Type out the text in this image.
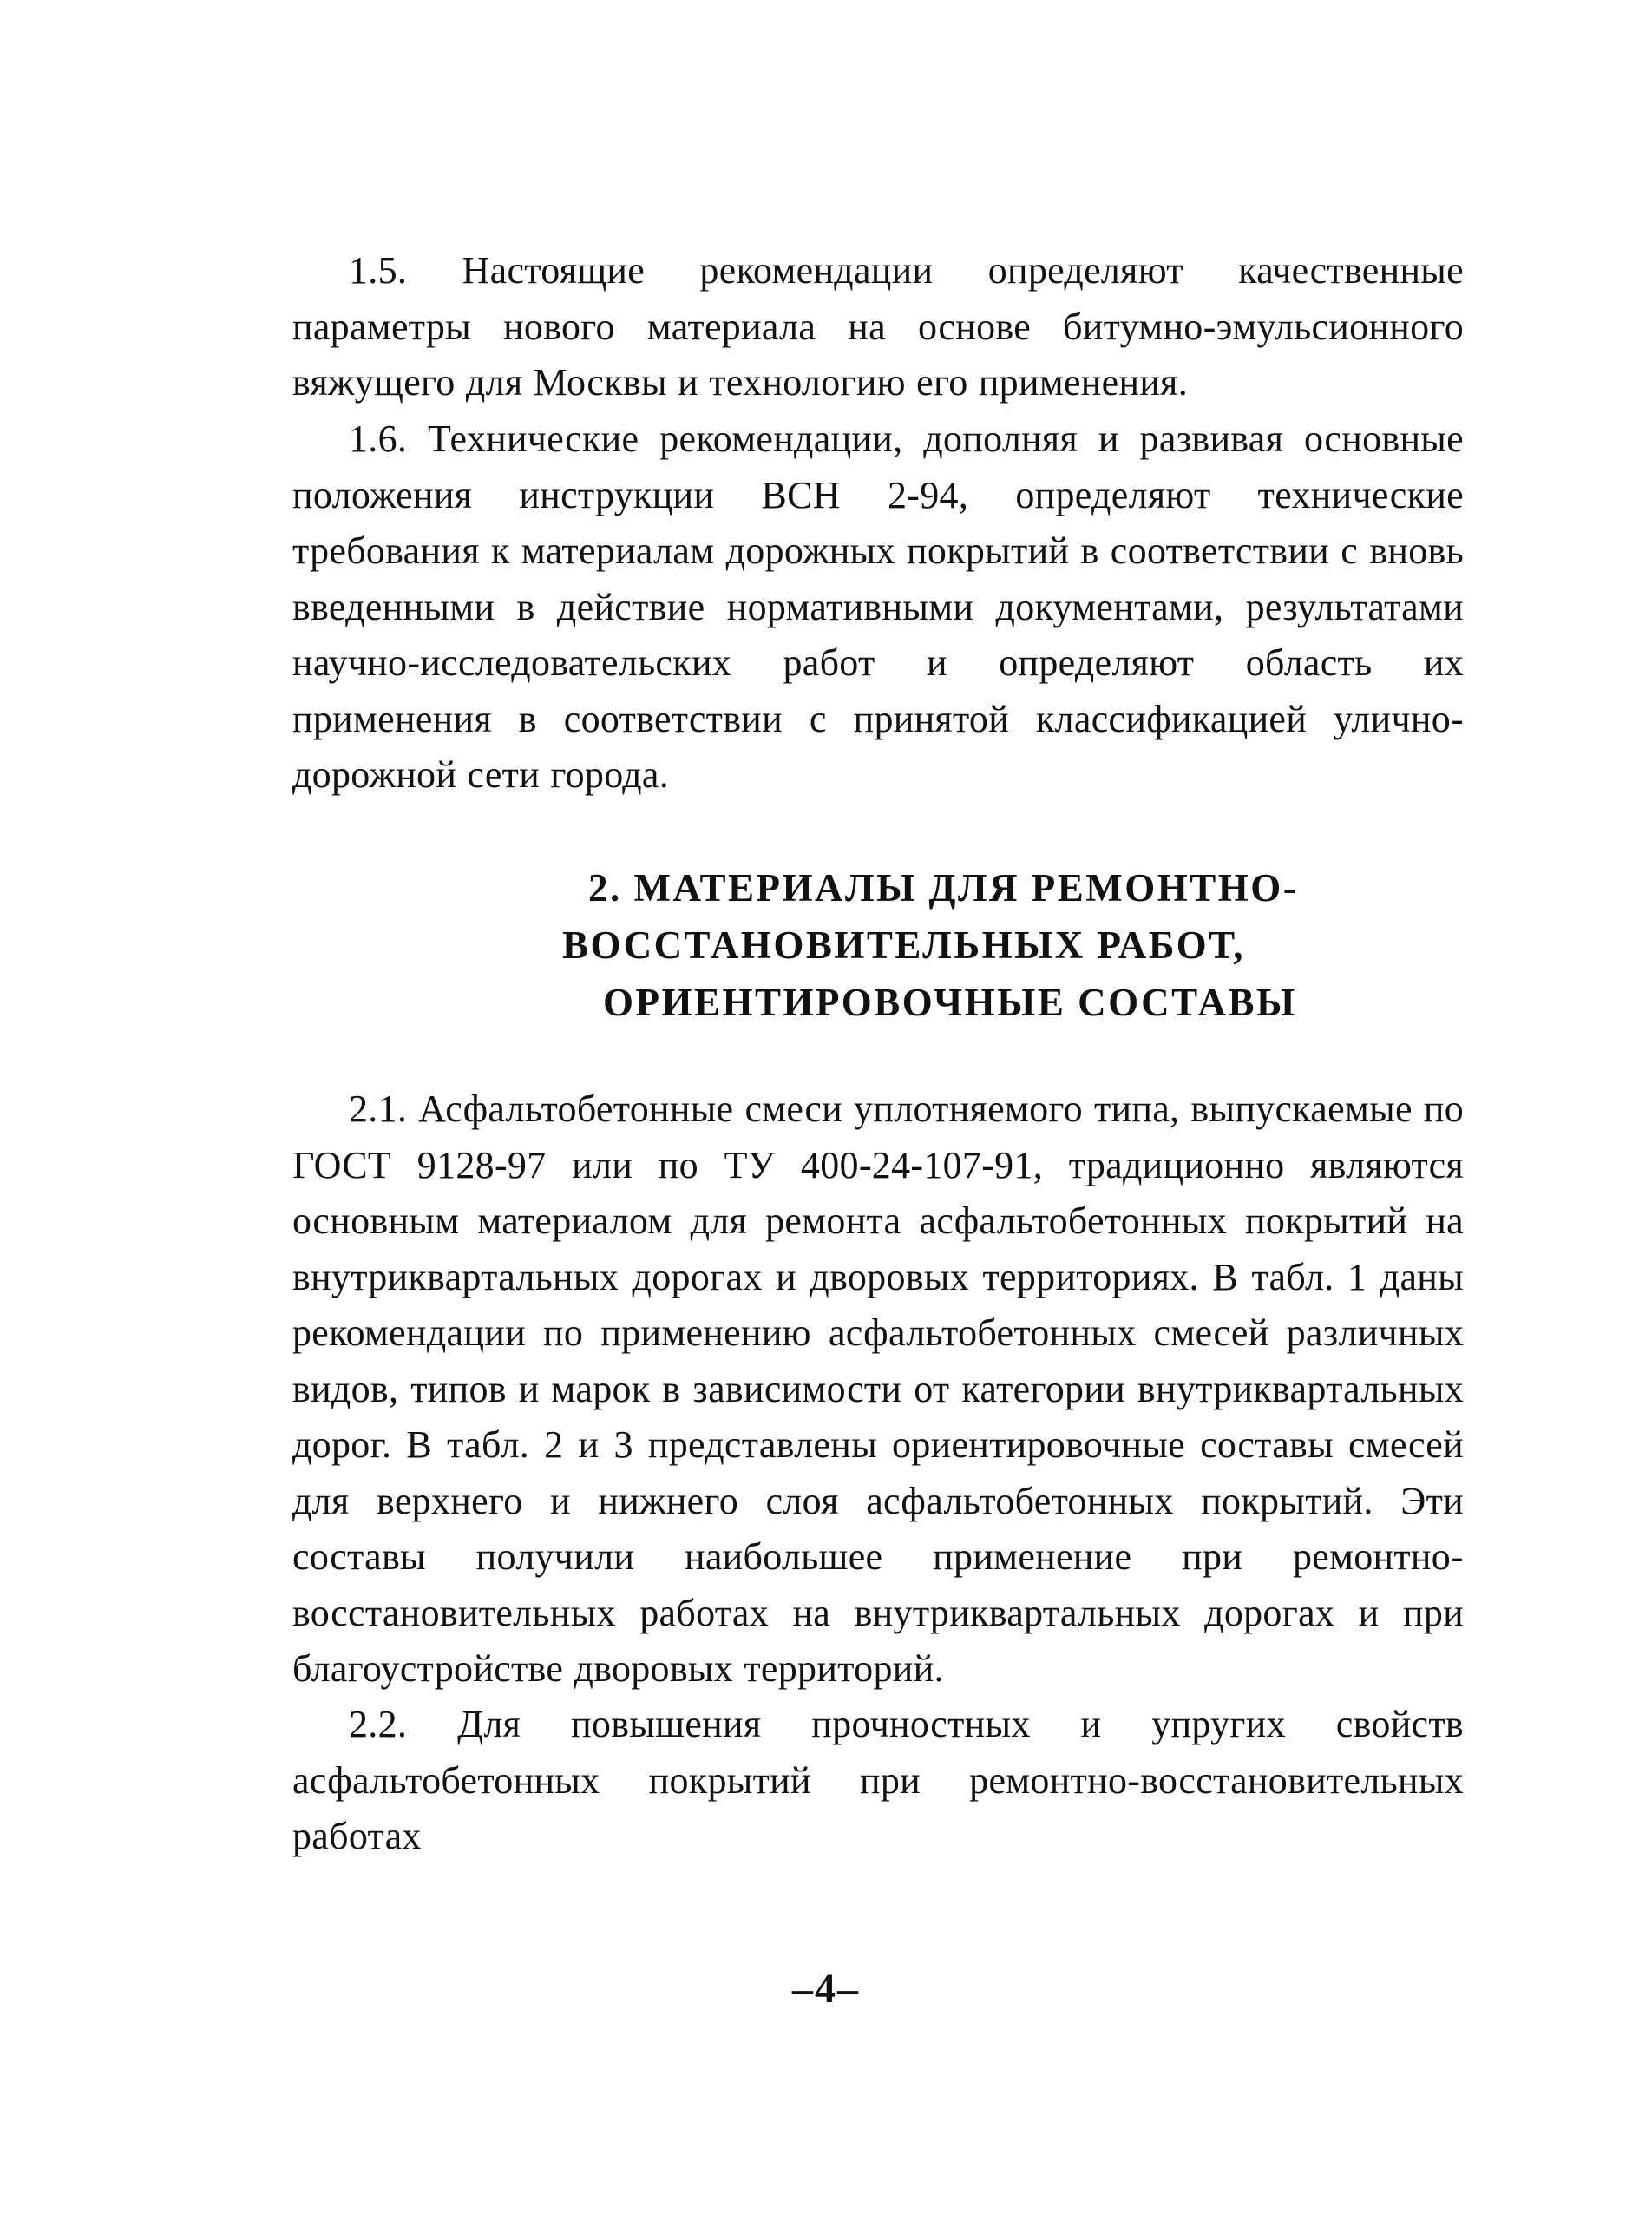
1.5. Настоящие рекомендации определяют качественные параметры нового материала на основе битумно-эмульсионного вяжущего для Москвы и технологию его применения.

1.6. Технические рекомендации, дополняя и развивая основные положения инструкции ВСН 2-94, определяют технические требования к материалам дорожных покрытий в соответствии с вновь введенными в действие нормативными документами, результатами научно-исследовательских работ и определяют область их применения в соответствии с принятой классификацией улично-дорожной сети города.

2. МАТЕРИАЛЫ ДЛЯ РЕМОНТНО-
ВОССТАНОВИТЕЛЬНЫХ РАБОТ,
ОРИЕНТИРОВОЧНЫЕ СОСТАВЫ

2.1. Асфальтобетонные смеси уплотняемого типа, выпускаемые по ГОСТ 9128-97 или по ТУ 400-24-107-91, традиционно являются основным материалом для ремонта асфальтобетонных покрытий на внутриквартальных дорогах и дворовых территориях. В табл. 1 даны рекомендации по применению асфальтобетонных смесей различных видов, типов и марок в зависимости от категории внутриквартальных дорог. В табл. 2 и 3 представлены ориентировочные составы смесей для верхнего и нижнего слоя асфальтобетонных покрытий. Эти составы получили наибольшее применение при ремонтно-восстановительных работах на внутриквартальных дорогах и при благоустройстве дворовых территорий.

2.2. Для повышения прочностных и упругих свойств асфальтобетонных покрытий при ремонтно-восстановительных работах

–4–
